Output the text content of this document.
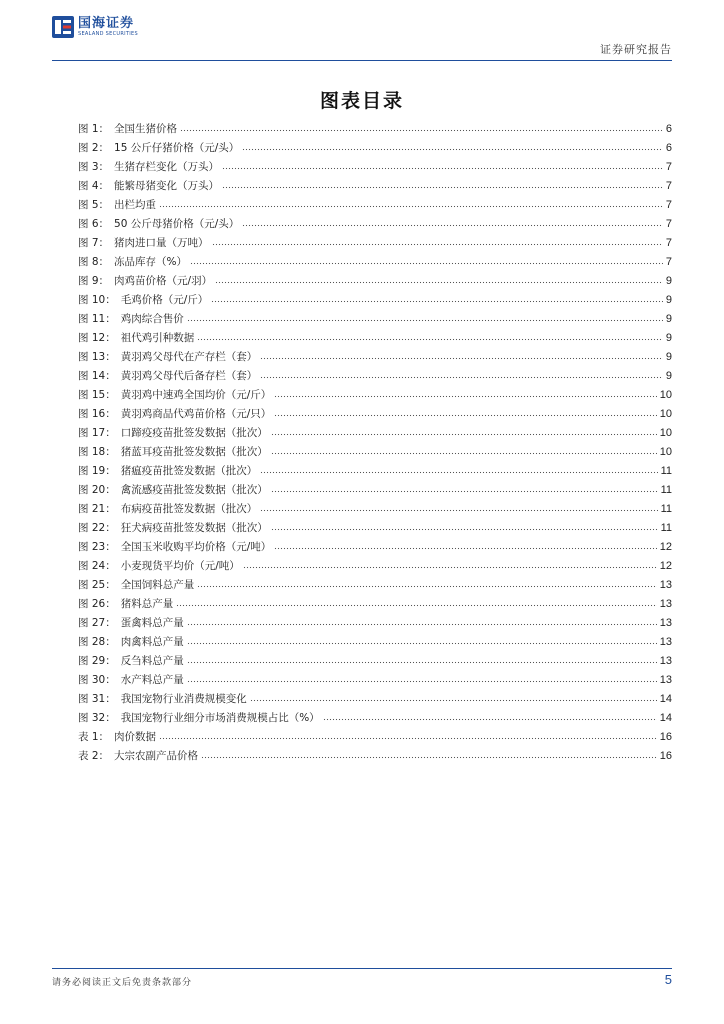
国海证券
SEALAND SECURITIES
证券研究报告
图表目录
图 1： 全国生猪价格	6
图 2： 15 公斤仔猪价格（元/头）	6
图 3： 生猪存栏变化（万头）	7
图 4： 能繁母猪变化（万头）	7
图 5： 出栏均重	7
图 6： 50 公斤母猪价格（元/头）	7
图 7： 猪肉进口量（万吨）	7
图 8： 冻品库存（%）	7
图 9： 肉鸡苗价格（元/羽）	9
图 10： 毛鸡价格（元/斤）	9
图 11： 鸡肉综合售价	9
图 12： 祖代鸡引种数据	9
图 13： 黄羽鸡父母代在产存栏（套）	9
图 14： 黄羽鸡父母代后备存栏（套）	9
图 15： 黄羽鸡中速鸡全国均价（元/斤）	10
图 16： 黄羽鸡商品代鸡苗价格（元/只）	10
图 17： 口蹄疫疫苗批签发数据（批次）	10
图 18： 猪蓝耳疫苗批签发数据（批次）	10
图 19： 猪瘟疫苗批签发数据（批次）	11
图 20： 禽流感疫苗批签发数据（批次）	11
图 21： 布病疫苗批签发数据（批次）	11
图 22： 狂犬病疫苗批签发数据（批次）	11
图 23： 全国玉米收购平均价格（元/吨）	12
图 24： 小麦现货平均价（元/吨）	12
图 25： 全国饲料总产量	13
图 26： 猪料总产量	13
图 27： 蛋禽料总产量	13
图 28： 肉禽料总产量	13
图 29： 反刍料总产量	13
图 30： 水产料总产量	13
图 31： 我国宠物行业消费规模变化	14
图 32： 我国宠物行业细分市场消费规模占比（%）	14
表 1： 肉价数据	16
表 2： 大宗农副产品价格	16
请务必阅读正文后免责条款部分	5
